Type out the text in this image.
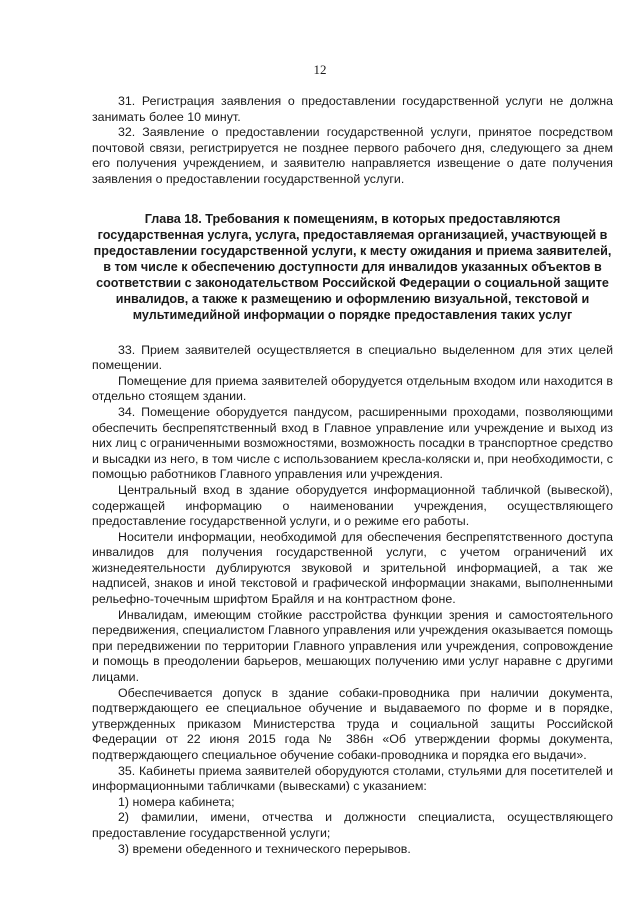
12

31. Регистрация заявления о предоставлении государственной услуги не должна занимать более 10 минут.

32. Заявление о предоставлении государственной услуги, принятое посредством почтовой связи, регистрируется не позднее первого рабочего дня, следующего за днем его получения учреждением, и заявителю направляется извещение о дате получения заявления о предоставлении государственной услуги.

Глава 18. Требования к помещениям, в которых предоставляются государственная услуга, услуга, предоставляемая организацией, участвующей в предоставлении государственной услуги, к месту ожидания и приема заявителей, в том числе к обеспечению доступности для инвалидов указанных объектов в соответствии с законодательством Российской Федерации о социальной защите инвалидов, а также к размещению и оформлению визуальной, текстовой и мультимедийной информации о порядке предоставления таких услуг

33. Прием заявителей осуществляется в специально выделенном для этих целей помещении.

Помещение для приема заявителей оборудуется отдельным входом или находится в отдельно стоящем здании.

34. Помещение оборудуется пандусом, расширенными проходами, позволяющими обеспечить беспрепятственный вход в Главное управление или учреждение и выход из них лиц с ограниченными возможностями, возможность посадки в транспортное средство и высадки из него, в том числе с использованием кресла-коляски и, при необходимости, с помощью работников Главного управления или учреждения.

Центральный вход в здание оборудуется информационной табличкой (вывеской), содержащей информацию о наименовании учреждения, осуществляющего предоставление государственной услуги, и о режиме его работы.

Носители информации, необходимой для обеспечения беспрепятственного доступа инвалидов для получения государственной услуги, с учетом ограничений их жизнедеятельности дублируются звуковой и зрительной информацией, а так же надписей, знаков и иной текстовой и графической информации знаками, выполненными рельефно-точечным шрифтом Брайля и на контрастном фоне.

Инвалидам, имеющим стойкие расстройства функции зрения и самостоятельного передвижения, специалистом Главного управления или учреждения оказывается помощь при передвижении по территории Главного управления или учреждения, сопровождение и помощь в преодолении барьеров, мешающих получению ими услуг наравне с другими лицами.

Обеспечивается допуск в здание собаки-проводника при наличии документа, подтверждающего ее специальное обучение и выдаваемого по форме и в порядке, утвержденных приказом Министерства труда и социальной защиты Российской Федерации от 22 июня 2015 года № 386н «Об утверждении формы документа, подтверждающего специальное обучение собаки-проводника и порядка его выдачи».

35. Кабинеты приема заявителей оборудуются столами, стульями для посетителей и информационными табличками (вывесками) с указанием:

1) номера кабинета;

2) фамилии, имени, отчества и должности специалиста, осуществляющего предоставление государственной услуги;

3) времени обеденного и технического перерывов.
